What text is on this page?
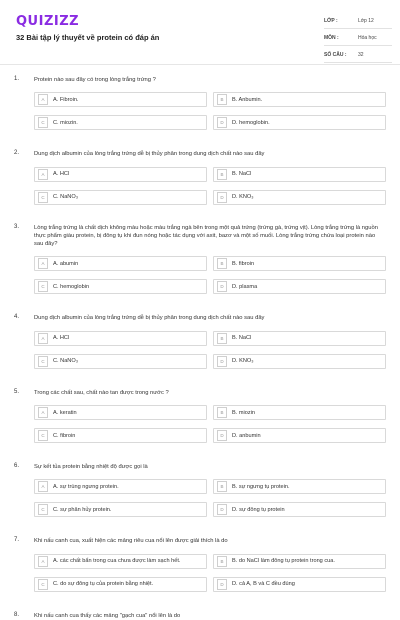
QUIZIZZ
32 Bài tập lý thuyết về protein có đáp án
LỚP :	Lớp 12
MÔN :	Hóa học
SỐ CÂU :	32
1.	Protein nào sau đây có trong lòng trắng trứng ?
A	A. Fibroin.	B	B. Anbumin.
C	C. miozin.	D	D. hemoglobin.
2.	Dung dịch albumin của lòng trắng trứng dễ bị thủy phân trong dung dịch chất nào sau đây
A	A. HCl	B	B. NaCl
C	C. NaNO₃	D	D. KNO₃
3.	Lòng trắng trứng là chất dịch không màu hoặc màu trắng ngà bên trong một quả trứng (trứng gà, trứng vịt). Lòng trắng trứng là nguồn thực phẩm giàu protein, bị đông tụ khi đun nóng hoặc tác dụng với axit, bazơ và một số muối. Lòng trắng trứng chứa loại protein nào sau đây?
A	A. abumin	B	B. fibroin
C	C. hemoglobin	D	D. plasma
4.	Dung dịch albumin của lòng trắng trứng dễ bị thủy phân trong dung dịch chất nào sau đây
A	A. HCl	B	B. NaCl
C	C. NaNO₃	D	D. KNO₃
5.	Trong các chất sau, chất nào tan được trong nước ?
A	A. keratin	B	B. miozin
C	C. fibroin	D	D. anbumin
6.	Sự kết tủa protein bằng nhiệt độ được gọi là
A	A. sự trùng ngưng protein.	B	B. sự ngưng tụ protein.
C	C. sự phân hủy protein.	D	D. sự đông tụ protein
7.	Khi nấu canh cua, xuất hiện các mảng riêu cua nổi lên được giải thích là do
A	A. các chất bẩn trong cua chưa được làm sạch hết.	B	B. do NaCl làm đông tụ protein trong cua.
C	C. do sự đông tụ của protein bằng nhiệt.	D	D. cả A, B và C đều đúng
8.	Khi nấu canh cua thấy các mảng "gạch cua" nổi lên là do
